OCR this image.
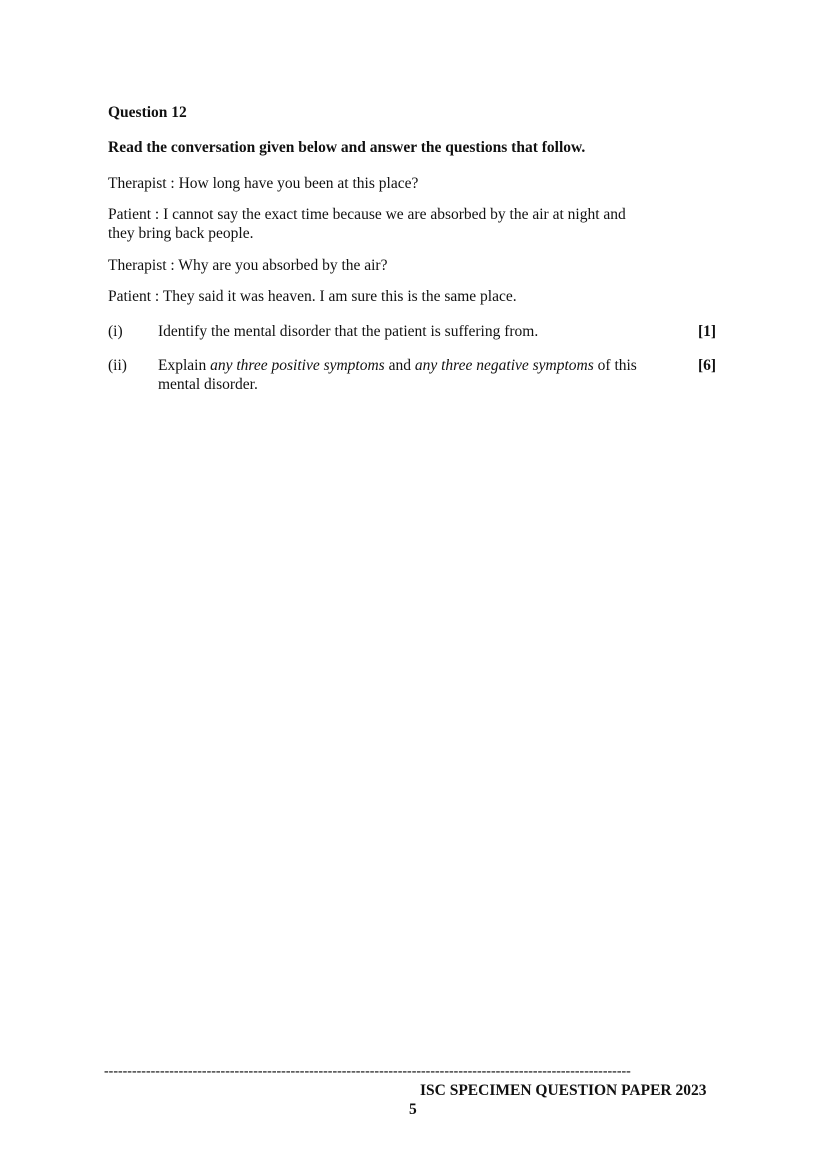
Question 12
Read the conversation given below and answer the questions that follow.
Therapist : How long have you been at this place?
Patient : I cannot say the exact time because we are absorbed by the air at night and
they bring back people.
Therapist : Why are you absorbed by the air?
Patient : They said it was heaven. I am sure this is the same place.
(i) Identify the mental disorder that the patient is suffering from.	[1]
(ii) Explain any three positive symptoms and any three negative symptoms of this
mental disorder.
[6]
-----------------------------------------------------------------------------------------------------------------
ISC SPECIMEN QUESTION PAPER 2023
5
